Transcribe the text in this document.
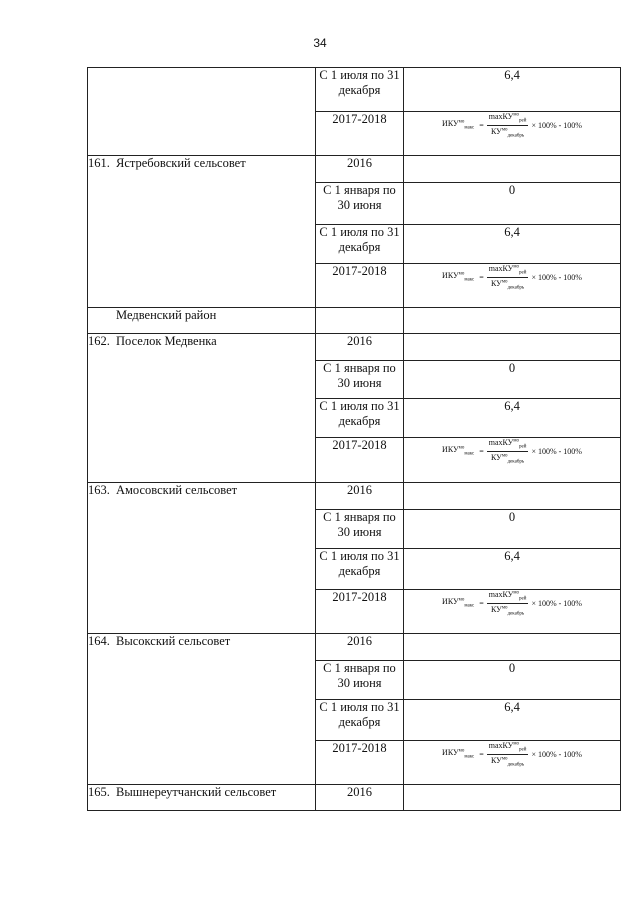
34
	С 1 июля по 31 декабря	6,4
	2017-2018	$ИКУ^{мо}_{макс} = \frac{\max КУ^{мо}_{рей}}{КУ^{мо}_{декабрь}} \times 100\% - 100\%$

161. Ястребовский сельсовет	2016	
	С 1 января по 30 июня	0
	С 1 июля по 31 декабря	6,4
	2017-2018	$ИКУ^{мо}_{макс} = \frac{\max КУ^{мо}_{рей}}{КУ^{мо}_{декабрь}} \times 100\% - 100\%$

Медвенский район		
162. Поселок Медвенка	2016	
	С 1 января по 30 июня	0
	С 1 июля по 31 декабря	6,4
	2017-2018	$ИКУ^{мо}_{макс} = \frac{\max КУ^{мо}_{рей}}{КУ^{мо}_{декабрь}} \times 100\% - 100\%$

163. Амосовский сельсовет	2016	
	С 1 января по 30 июня	0
	С 1 июля по 31 декабря	6,4
	2017-2018	$ИКУ^{мо}_{макс} = \frac{\max КУ^{мо}_{рей}}{КУ^{мо}_{декабрь}} \times 100\% - 100\%$

164. Высокский сельсовет	2016	
	С 1 января по 30 июня	0
	С 1 июля по 31 декабря	6,4
	2017-2018	$ИКУ^{мо}_{макс} = \frac{\max КУ^{мо}_{рей}}{КУ^{мо}_{декабрь}} \times 100\% - 100\%$

165. Вышнереутчанский сельсовет	2016	
